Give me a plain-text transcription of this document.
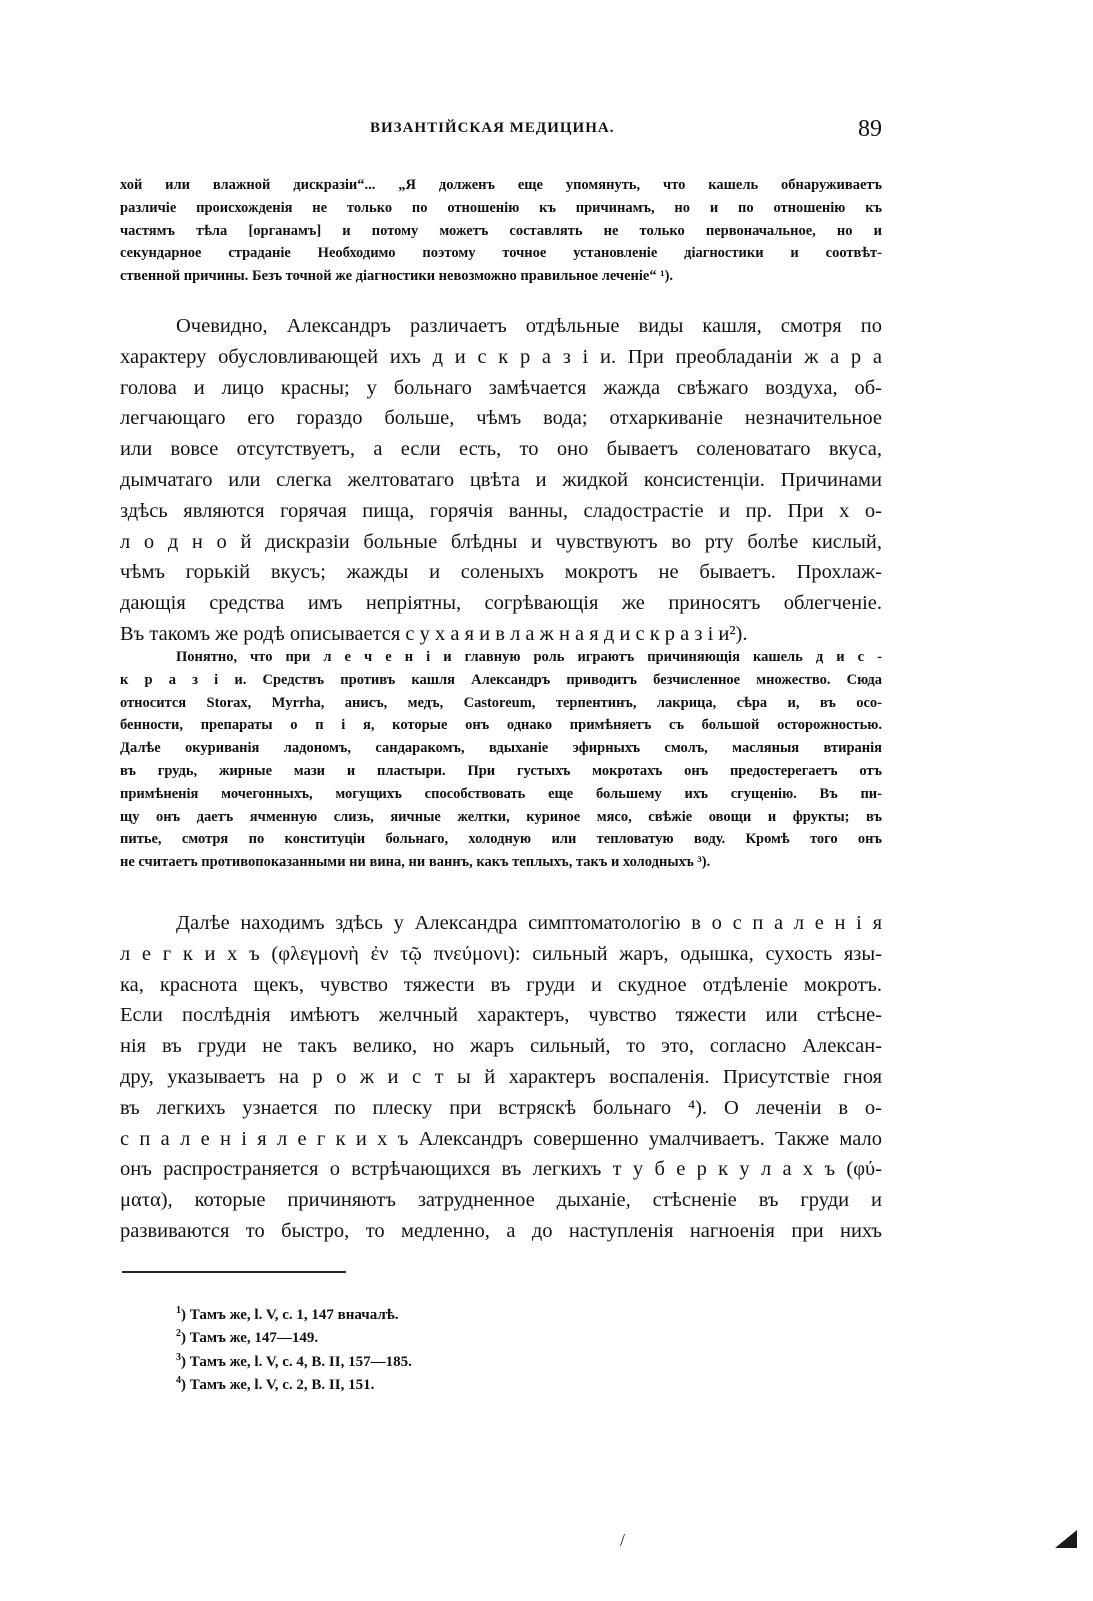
ВИЗАНТІЙСКАЯ МЕДИЦИНА.	89
хой или влажной дискразіи“... „Я долженъ еще упомянуть, что кашель обнаруживаетъ
различіе происхожденія не только по отношенію къ причинамъ, но и по отношенію къ
частямъ тѣла [органамъ] и потому можетъ составлять не только первоначальное, но и
секундарное страданіе Необходимо поэтому точное установленіе діагностики и соотвѣт-
ственной причины. Безъ точной же діагностики невозможно правильное леченіе“ ¹).
Очевидно, Александръ различаетъ отдѣльные виды кашля, смотря по
характеру обусловливающей ихъ д и с к р а з і и. При преобладаніи ж а р а
голова и лицо красны; у больнаго замѣчается жажда свѣжаго воздуха, об-
легчающаго его гораздо больше, чѣмъ вода; отхаркиваніе незначительное
или вовсе отсутствуетъ, а если есть, то оно бываетъ соленоватаго вкуса,
дымчатаго или слегка желтоватаго цвѣта и жидкой консистенціи. Причинами
здѣсь являются горячая пища, горячія ванны, сладострастіе и пр. При х о-
л о д н о й дискразіи больные блѣдны и чувствуютъ во рту болѣе кислый,
чѣмъ горькій вкусъ; жажды и соленыхъ мокротъ не бываетъ. Прохлаж-
дающія средства имъ непріятны, согрѣвающія же приносятъ облегченіе.
Въ такомъ же родѣ описывается с у х а я и в л а ж н а я д и с к р а з і и²).
Понятно, что при л е ч е н і и главную роль играютъ причиняющія кашель д и с -
к р а з і и. Средствъ противъ кашля Александръ приводитъ безчисленное множество. Сюда
относится Storax, Myrrha, анисъ, медъ, Castoreum, терпентинъ, лакрица, сѣра и, въ осо-
бенности, препараты о п і я, которые онъ однако примѣняетъ съ большой осторожностью.
Далѣе окуриванія ладономъ, сандаракомъ, вдыханіе эфирныхъ смолъ, масляныя втиранія
въ грудь, жирные мази и пластыри. При густыхъ мокротахъ онъ предостерегаетъ отъ
примѣненія мочегонныхъ, могущихъ способствовать еще большему ихъ сгущенію. Въ пи-
щу онъ даетъ ячменную слизь, яичные желтки, куриное мясо, свѣжіе овощи и фрукты; въ
питье, смотря по конституціи больнаго, холодную или тепловатую воду. Кромѣ того онъ
не считаетъ противопоказанными ни вина, ни ваннъ, какъ теплыхъ, такъ и холодныхъ ³).
Далѣе находимъ здѣсь у Александра симптоматологію в о с п а л е н і я
л е г к и х ъ (φλεγμονὴ ἐν τῷ πνεύμονι): сильный жаръ, одышка, сухость язы-
ка, краснота щекъ, чувство тяжести въ груди и скудное отдѣленіе мокротъ.
Если послѣднія имѣютъ желчный характеръ, чувство тяжести или стѣсне-
нія въ груди не такъ велико, но жаръ сильный, то это, согласно Алексан-
дру, указываетъ на р о ж и с т ы й характеръ воспаленія. Присутствіе гноя
въ легкихъ узнается по плеску при встряскѣ больнаго ⁴). О леченіи в о-
с п а л е н і я л е г к и х ъ Александръ совершенно умалчиваетъ. Также мало
онъ распространяется о встрѣчающихся въ легкихъ т у б е р к у л а х ъ (φύ-
ματα), которые причиняютъ затрудненное дыханіе, стѣсненіе въ груди и
развиваются то быстро, то медленно, а до наступленія нагноенія при нихъ
$^1$) Тамъ же, l. V, c. 1, 147 вначалѣ.
$^2$) Тамъ же, 147—149.
$^3$) Тамъ же, l. V, c. 4, B. II, 157—185.
$^4$) Тамъ же, l. V, c. 2, B. II, 151.
/
